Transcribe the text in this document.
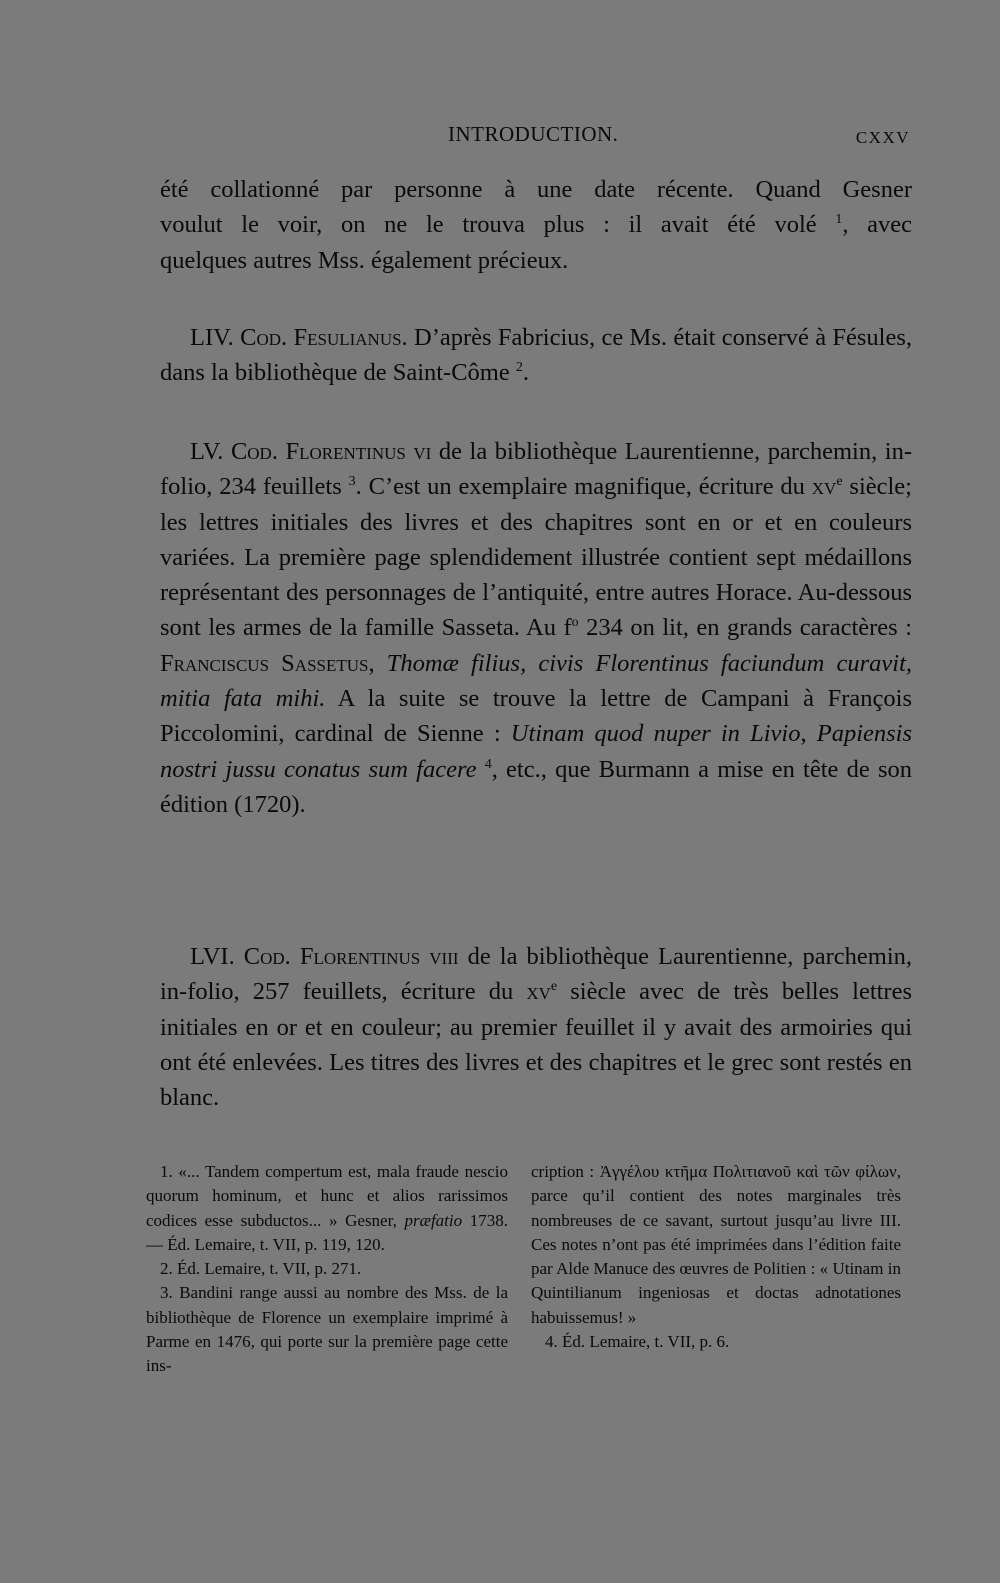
INTRODUCTION.	CXXV

été collationné par personne à une date récente. Quand Gesner

voulut le voir, on ne le trouva plus : il avait été volé $^1$, avec

quelques autres Mss. également précieux.

LIV. Cod. Fesulianus. D’après Fabricius, ce Ms. était conservé à Fésules, dans la bibliothèque de Saint-Côme $^2$.

LV. Cod. Florentinus vi de la bibliothèque Laurentienne, parchemin, in-folio, 234 feuillets $^3$. C’est un exemplaire magnifique, écriture du $xv^e$ siècle; les lettres initiales des livres et des chapitres sont en or et en couleurs variées. La première page splendidement illustrée contient sept médaillons représentant des personnages de l’antiquité, entre autres Horace. Au-dessous sont les armes de la famille Sasseta. Au $f^o$ 234 on lit, en grands caractères : Franciscus Sassetus, Thomæ filius, civis Florentinus faciundum curavit, mitia fata mihi. A la suite se trouve la lettre de Campani à François Piccolomini, cardinal de Sienne : Utinam quod nuper in Livio, Papiensis nostri jussu conatus sum facere $^4$, etc., que Burmann a mise en tête de son édition (1720).

LVI. Cod. Florentinus viii de la bibliothèque Laurentienne, parchemin, in-folio, 257 feuillets, écriture du $xv^e$ siècle avec de très belles lettres initiales en or et en couleur; au premier feuillet il y avait des armoiries qui ont été enlevées. Les titres des livres et des chapitres et le grec sont restés en blanc.

1. «... Tandem compertum est, mala fraude nescio quorum hominum, et hunc et alios rarissimos codices esse subductos... » Gesner, præfatio 1738. — Éd. Lemaire, t. VII, p. 119, 120.

2. Éd. Lemaire, t. VII, p. 271.

3. Bandini range aussi au nombre des Mss. de la bibliothèque de Florence un exemplaire imprimé à Parme en 1476, qui porte sur la première page cette ins-

cription : Ἀγγέλου κτῆμα Πολιτιανοῦ καὶ τῶν φίλων, parce qu’il contient des notes marginales très nombreuses de ce savant, surtout jusqu’au livre III. Ces notes n’ont pas été imprimées dans l’édition faite par Alde Manuce des œuvres de Politien : « Utinam in Quintilianum ingeniosas et doctas adnotationes habuissemus! »

4. Éd. Lemaire, t. VII, p. 6.
